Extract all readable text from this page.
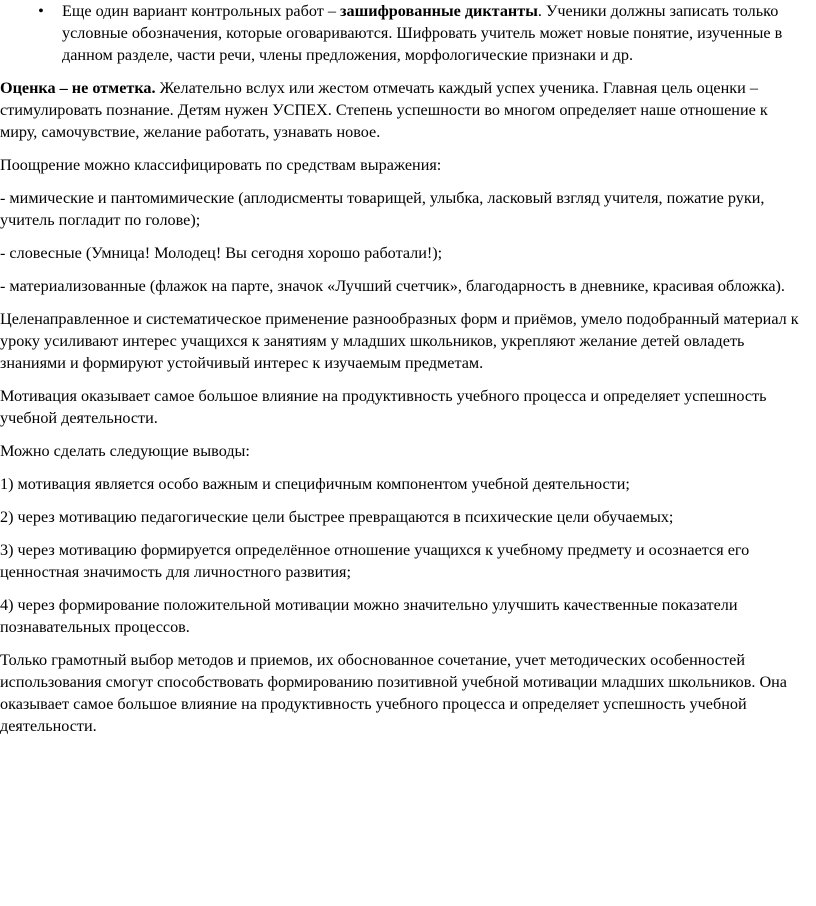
• Еще один вариант контрольных работ – зашифрованные диктанты. Ученики должны записать только условные обозначения, которые оговариваются. Шифровать учитель может новые понятие, изученные в данном разделе, части речи, члены предложения, морфологические признаки и др.

Оценка – не отметка. Желательно вслух или жестом отмечать каждый успех ученика. Главная цель оценки – стимулировать познание. Детям нужен УСПЕХ. Степень успешности во многом определяет наше отношение к миру, самочувствие, желание работать, узнавать новое.

Поощрение можно классифицировать по средствам выражения:

- мимические и пантомимические (аплодисменты товарищей, улыбка, ласковый взгляд учителя, пожатие руки, учитель погладит по голове);

- словесные (Умница! Молодец! Вы сегодня хорошо работали!);

- материализованные (флажок на парте, значок «Лучший счетчик», благодарность в дневнике, красивая обложка).

Целенаправленное и систематическое применение разнообразных форм и приёмов, умело подобранный материал к уроку усиливают интерес учащихся к занятиям у младших школьников, укрепляют желание детей овладеть знаниями и формируют устойчивый интерес к изучаемым предметам.

Мотивация оказывает самое большое влияние на продуктивность учебного процесса и определяет успешность учебной деятельности.

Можно сделать следующие выводы:

1) мотивация является особо важным и специфичным компонентом учебной деятельности;

2) через мотивацию педагогические цели быстрее превращаются в психические цели обучаемых;

3) через мотивацию формируется определённое отношение учащихся к учебному предмету и осознается его ценностная значимость для личностного развития;

4) через формирование положительной мотивации можно значительно улучшить качественные показатели познавательных процессов.

Только грамотный выбор методов и приемов, их обоснованное сочетание, учет методических особенностей использования смогут способствовать формированию позитивной учебной мотивации младших школьников. Она оказывает самое большое влияние на продуктивность учебного процесса и определяет успешность учебной деятельности.
